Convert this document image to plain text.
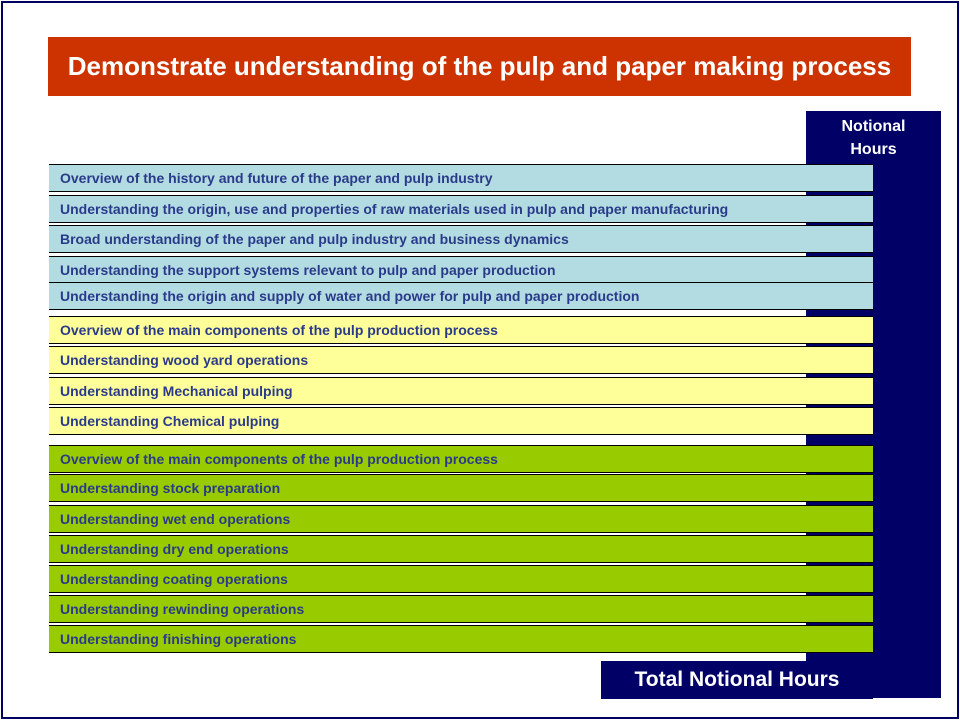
Demonstrate understanding of the pulp and paper making process
Notional
Hours
Overview of the history and future of the paper and pulp industry
Understanding the origin, use and properties of raw materials used in pulp and paper manufacturing
Broad understanding of the paper and pulp industry and business dynamics
Understanding the support systems relevant to pulp and paper production
Understanding the origin and supply of water and power for pulp and paper production
Overview of the main components of the pulp production process
Understanding wood yard operations
Understanding Mechanical pulping
Understanding Chemical pulping
Overview of the main components of the pulp production process
Understanding stock preparation
Understanding wet end operations
Understanding dry end operations
Understanding coating operations
Understanding rewinding operations
Understanding finishing operations
Total Notional Hours
